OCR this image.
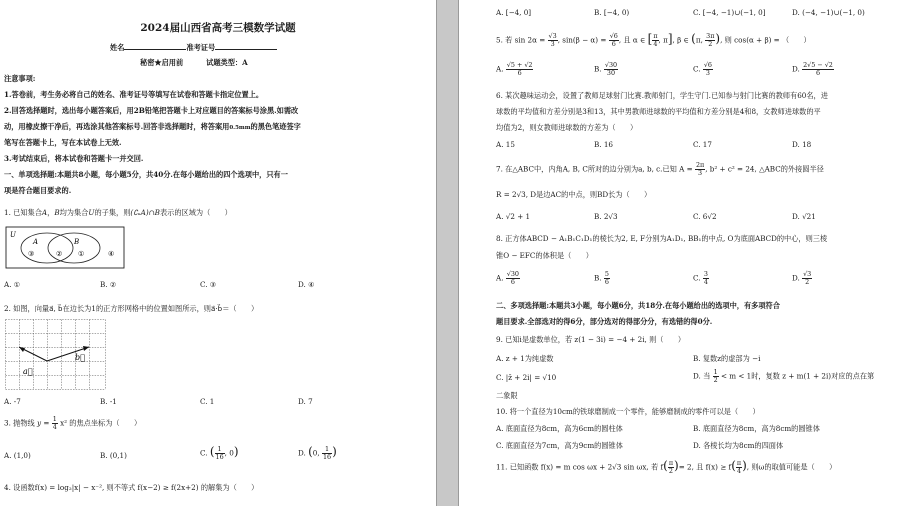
2024届山西省高考三模数学试题
姓名	准考证号
秘密★启用前	试题类型：A
注意事项:
1.答卷前，考生务必将自己的姓名、准考证号等填写在试卷和答题卡指定位置上。
2.回答选择题时，选出每小题答案后，用2B铅笔把答题卡上对应题目的答案标号涂黑.如需改
动，用橡皮擦干净后，再选涂其他答案标号.回答非选择题时，将答案用0.5mm的黑色笔迹签字
笔写在答题卡上，写在本试卷上无效.
3.考试结束后，将本试卷和答题卡一并交回.
一、单项选择题:本题共8小题，每小题5分，共40分.在每小题给出的四个选项中，只有一
项是符合题目要求的.
1. 已知集合A，B均为集合U的子集，则(∁ᵤA)∩B表示的区域为（　　）
U
A	B
③	② ①	④
A. ①	B. ②	C. ③	D. ④
2. 如图，向量a⃗, b⃗在边长为1的正方形网格中的位置如图所示，则a⃗·b⃗＝（　　）
a⃗
b⃗
A. -7	B. -1	C. 1	D. 7
3. 抛物线 $y = \frac{1}{4} x^2$ 的焦点坐标为（　　）
A. (1,0)	B. (0,1)	C. ( $\frac{1}{16}$ , 0)	D. (0, $\frac{1}{16}$ )
4. 设函数f(x) = log₂|x| − x⁻², 则不等式 f(x−2) ≥ f(2x+2) 的解集为（　　）
A. [−4, 0]	B. [−4, 0)	C. [−4, −1)∪(−1, 0]	D. (−4, −1)∪(−1, 0)
5. 若 $\sin 2\alpha = \frac{√3}{3}$ , $\sin(\beta - \alpha) = \frac{√6}{6}$ , 且 α ∈ [ $\frac{\pi}{4}$ , π], β ∈ (π, $\frac{3\pi}{2}$ ), 则 cos(α + β) = （　　）
A. $\frac{√5 + √2}{6}$	B. $\frac{√30}{30}$	C. $\frac{√6}{3}$	D. $\frac{2√5 - √2}{6}$
6. 某次趣味运动会，设置了教师足球射门比赛.教师射门，学生守门.已知参与射门比赛的教师有60名，进
球数的平均值和方差分别是3和13，其中男教师进球数的平均值和方差分别是4和8，女教师进球数的平
均值为2，则女教师进球数的方差为（　　）
A. 15	B. 16	C. 17	D. 18
7. 在△ABC中，内角A, B, C所对的边分别为a, b, c.已知 $A = \frac{2\pi}{3}$ , b² + c² = 24, △ABC的外接圆半径
R = 2√3, D是边AC的中点，则BD长为（　　）
A. √2 + 1	B. 2√3	C. 6√2	D. √21
8. 正方体ABCD − A₁B₁C₁D₁的棱长为2, E, F分别为A₁D₁, BB₁的中点, O为底面ABCD的中心，则三棱
锥O − EFC的体积是（　　）
A. $\frac{√30}{6}$	B. $\frac{5}{6}$	C. $\frac{3}{4}$	D. $\frac{√3}{2}$
二、多项选择题:本题共3小题，每小题6分，共18分.在每小题给出的选项中，有多项符合
题目要求.全部选对的得6分，部分选对的得部分分，有选错的得0分.
9. 已知i是虚数单位，若 z(1 − 3i) = −4 + 2i, 则（　　）
A. z + 1为纯虚数	B. 复数z的虚部为 −i
C. |z̄ + 2i| = √10	D. 当 $\frac{1}{2} < m < 1$时，复数 z + m(1 + 2i)对应的点在第
二象限
10. 将一个直径为10cm的铁球磨制成一个零件，能够磨制成的零件可以是（　　）
A. 底面直径为8cm，高为6cm的圆柱体	B. 底面直径为8cm，高为8cm的圆锥体
C. 底面直径为7cm，高为9cm的圆锥体	D. 各棱长均为8cm的四面体
11. 已知函数 f(x) = m cos ωx + 2√3 sin ωx, 若 $f( \frac{\pi}{2}$ )= 2, 且 $f(x) \ge f( \frac{\pi}{4}$ ), 则ω的取值可能是（　　）
